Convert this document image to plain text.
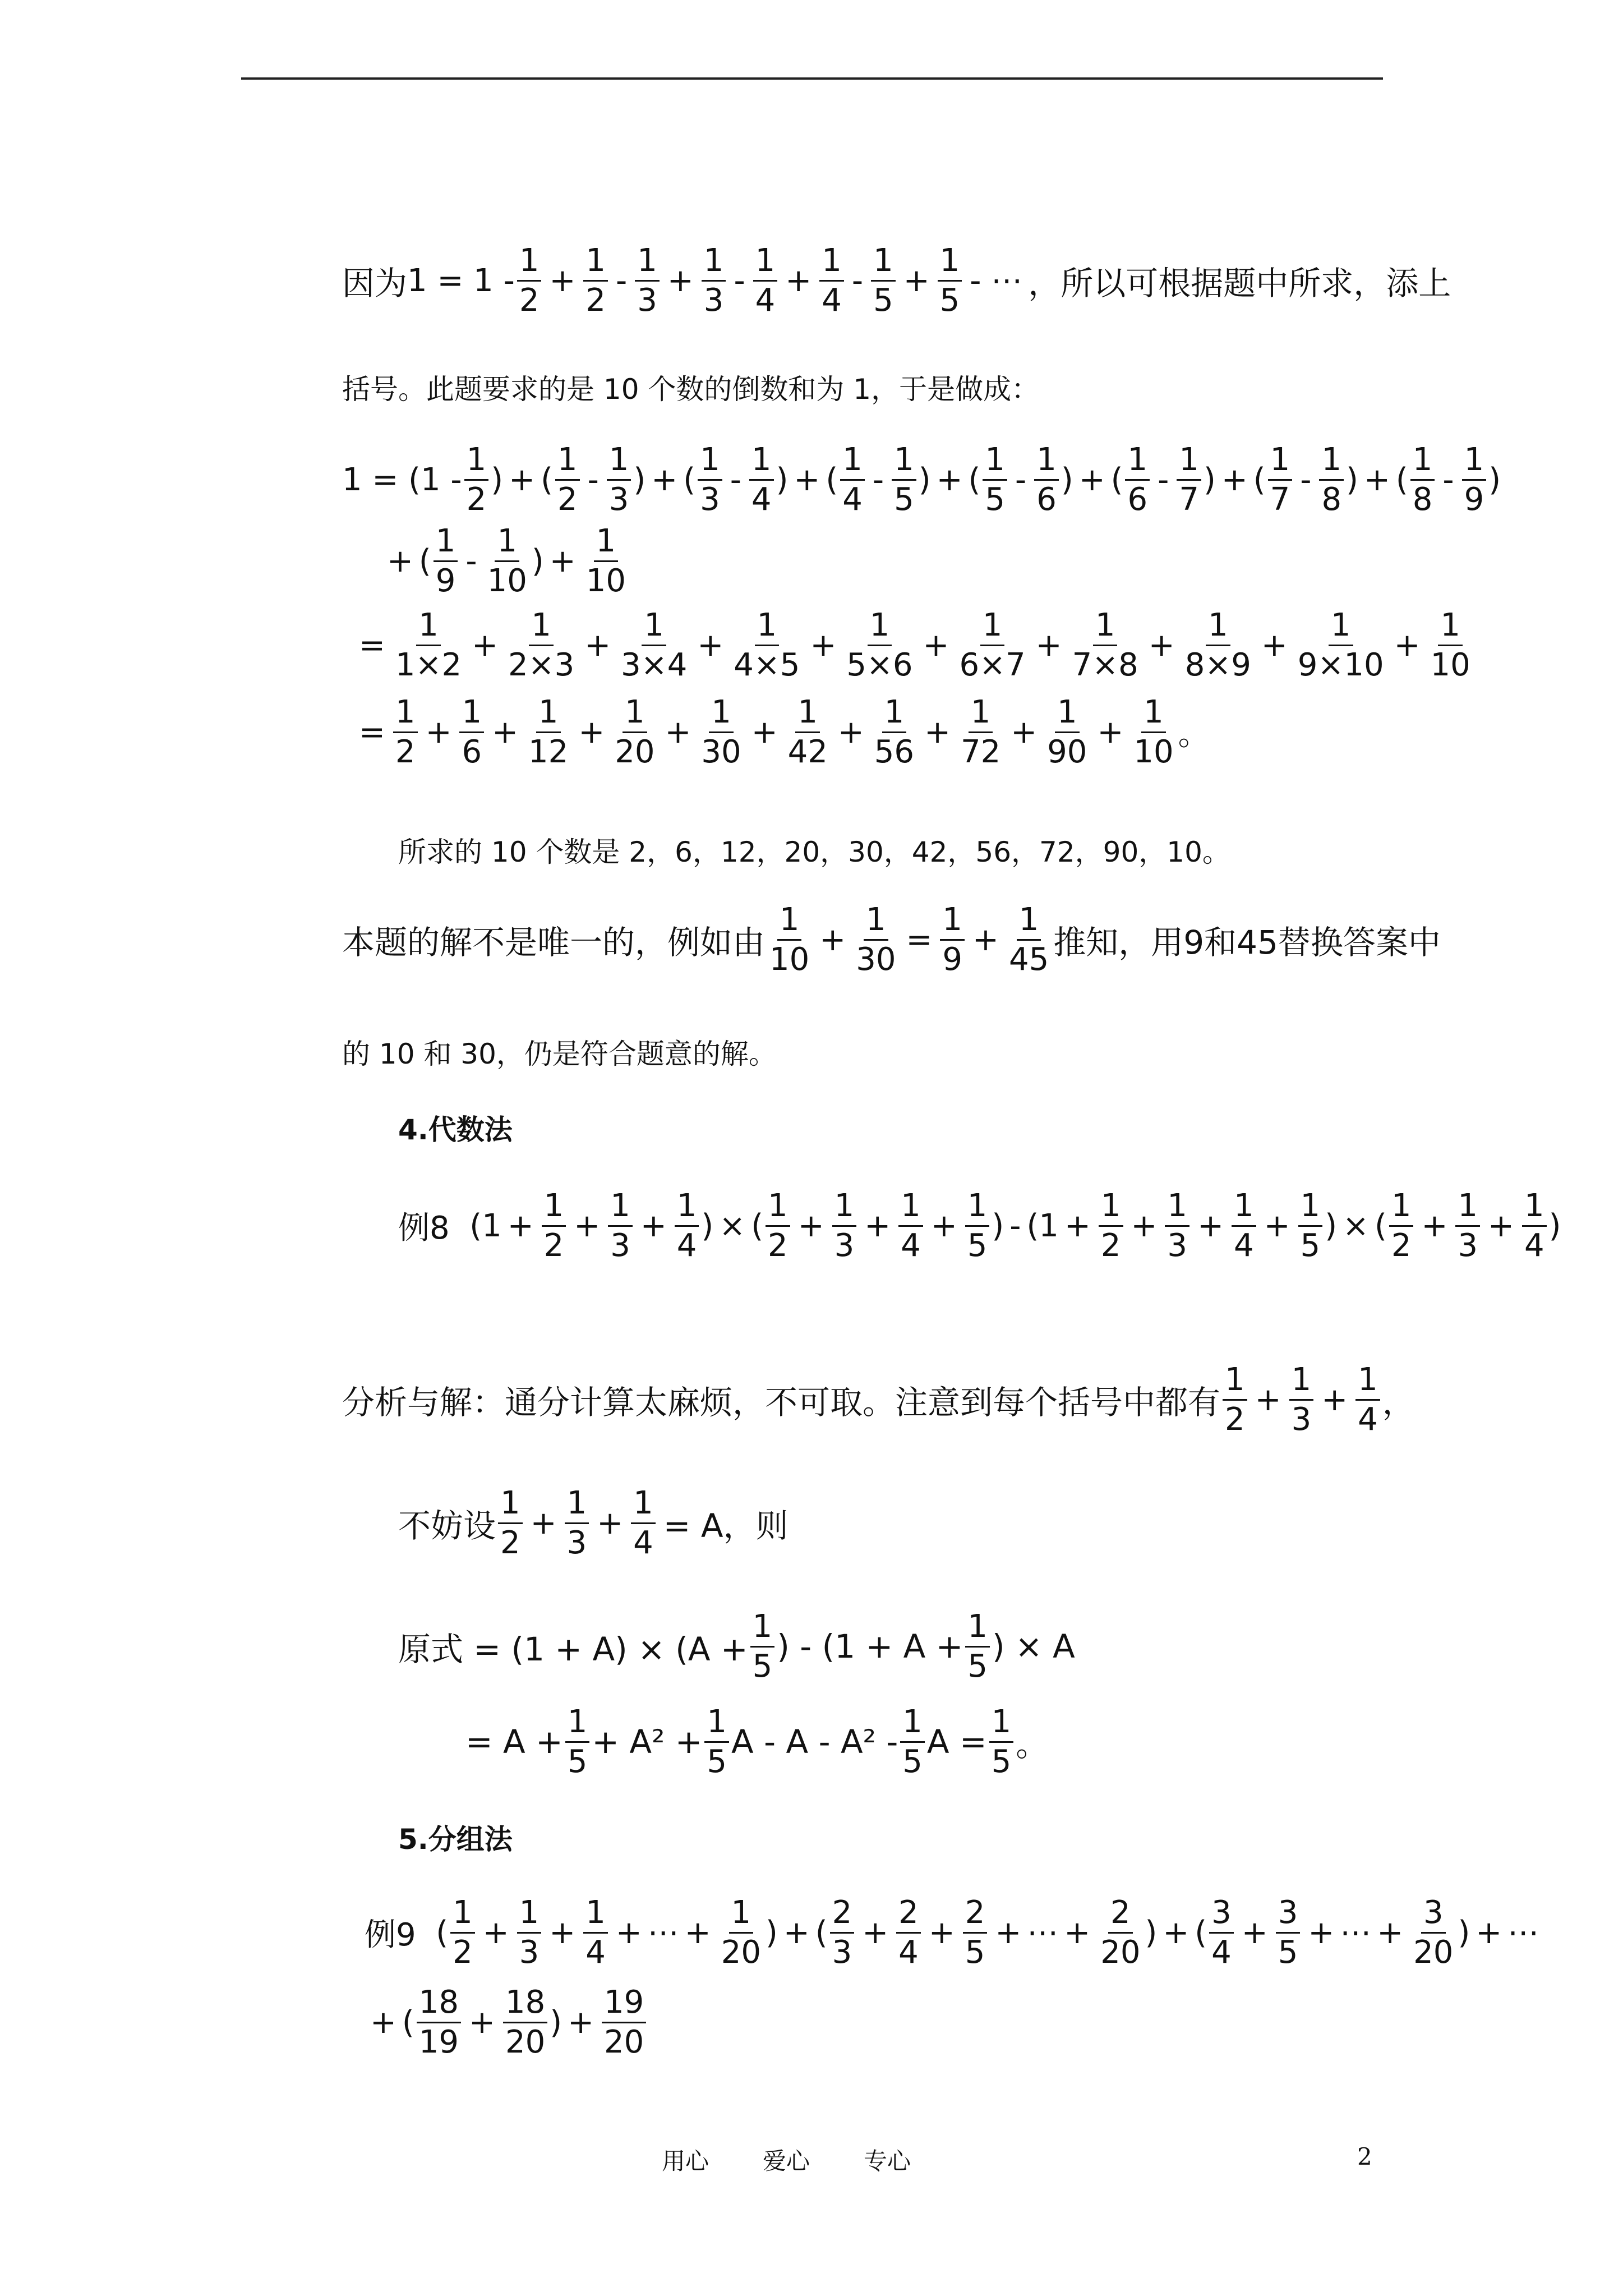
因为 $1 = 1 - \frac{1}{2} + \frac{1}{2} - \frac{1}{3} + \frac{1}{3} - \frac{1}{4} + \frac{1}{4} - \frac{1}{5} + \frac{1}{5}$ - ⋯ ，所以可根据题中所求，添上
括号。此题要求的是 10 个数的倒数和为 1，于是做成：
$1 = (1 - \frac{1}{2}$ ) + ( $\frac{1}{2} - \frac{1}{3}$ ) + ( $\frac{1}{3} - \frac{1}{4}$ ) + ( $\frac{1}{4} - \frac{1}{5}$ ) + ( $\frac{1}{5} - \frac{1}{6}$ ) + ( $\frac{1}{6} - \frac{1}{7}$ ) + ( $\frac{1}{7} - \frac{1}{8}$ ) + ( $\frac{1}{8} - \frac{1}{9}$ )
+ ( $\frac{1}{9} - \frac{1}{10}$ ) + $\frac{1}{10}$
= $\frac{1}{1\times 2} + \frac{1}{2\times 3} + \frac{1}{3\times 4} + \frac{1}{4\times 5} + \frac{1}{5\times 6} + \frac{1}{6\times 7} + \frac{1}{7\times 8} + \frac{1}{8\times 9} + \frac{1}{9\times 10} + \frac{1}{10}$
= $\frac{1}{2} + \frac{1}{6} + \frac{1}{12} + \frac{1}{20} + \frac{1}{30} + \frac{1}{42} + \frac{1}{56} + \frac{1}{72} + \frac{1}{90} + \frac{1}{10}$ 。
所求的 10 个数是 2，6，12，20，30，42，56，72，90，10。
本题的解不是唯一的，例如由 $\frac{1}{10} + \frac{1}{30} = \frac{1}{9} + \frac{1}{45}$ 推知，用9和45替换答案中
的 10 和 30，仍是符合题意的解。
4.代数法
例8 ($1 + \frac{1}{2} + \frac{1}{3} + \frac{1}{4}$ ) × ( $\frac{1}{2} + \frac{1}{3} + \frac{1}{4} + \frac{1}{5}$ ) - ($1 + \frac{1}{2} + \frac{1}{3} + \frac{1}{4} + \frac{1}{5}$ ) × ( $\frac{1}{2} + \frac{1}{3} + \frac{1}{4}$ )
分析与解：通分计算太麻烦，不可取。注意到每个括号中都有 $\frac{1}{2} + \frac{1}{3} + \frac{1}{4}$ ，
不妨设 $\frac{1}{2} + \frac{1}{3} + \frac{1}{4} = A$，则
原式 = $(1 + A) \times (A + \frac{1}{5}$ ) - ($1 + A + \frac{1}{5}$ ) × A
= $A + \frac{1}{5} + A^2 + \frac{1}{5}$ A - A - $A^2 - \frac{1}{5}$ $A = \frac{1}{5}$ 。
5.分组法
例9 ( $\frac{1}{2} + \frac{1}{3} + \frac{1}{4}$ + ⋯ + $\frac{1}{20}$ ) + ( $\frac{2}{3} + \frac{2}{4} + \frac{2}{5}$ + ⋯ + $\frac{2}{20}$ ) + ( $\frac{3}{4} + \frac{3}{5}$ + ⋯ + $\frac{3}{20}$ ) + ⋯
+ ( $\frac{18}{19} + \frac{18}{20}$ ) + $\frac{19}{20}$
用心 爱心 专心	2
